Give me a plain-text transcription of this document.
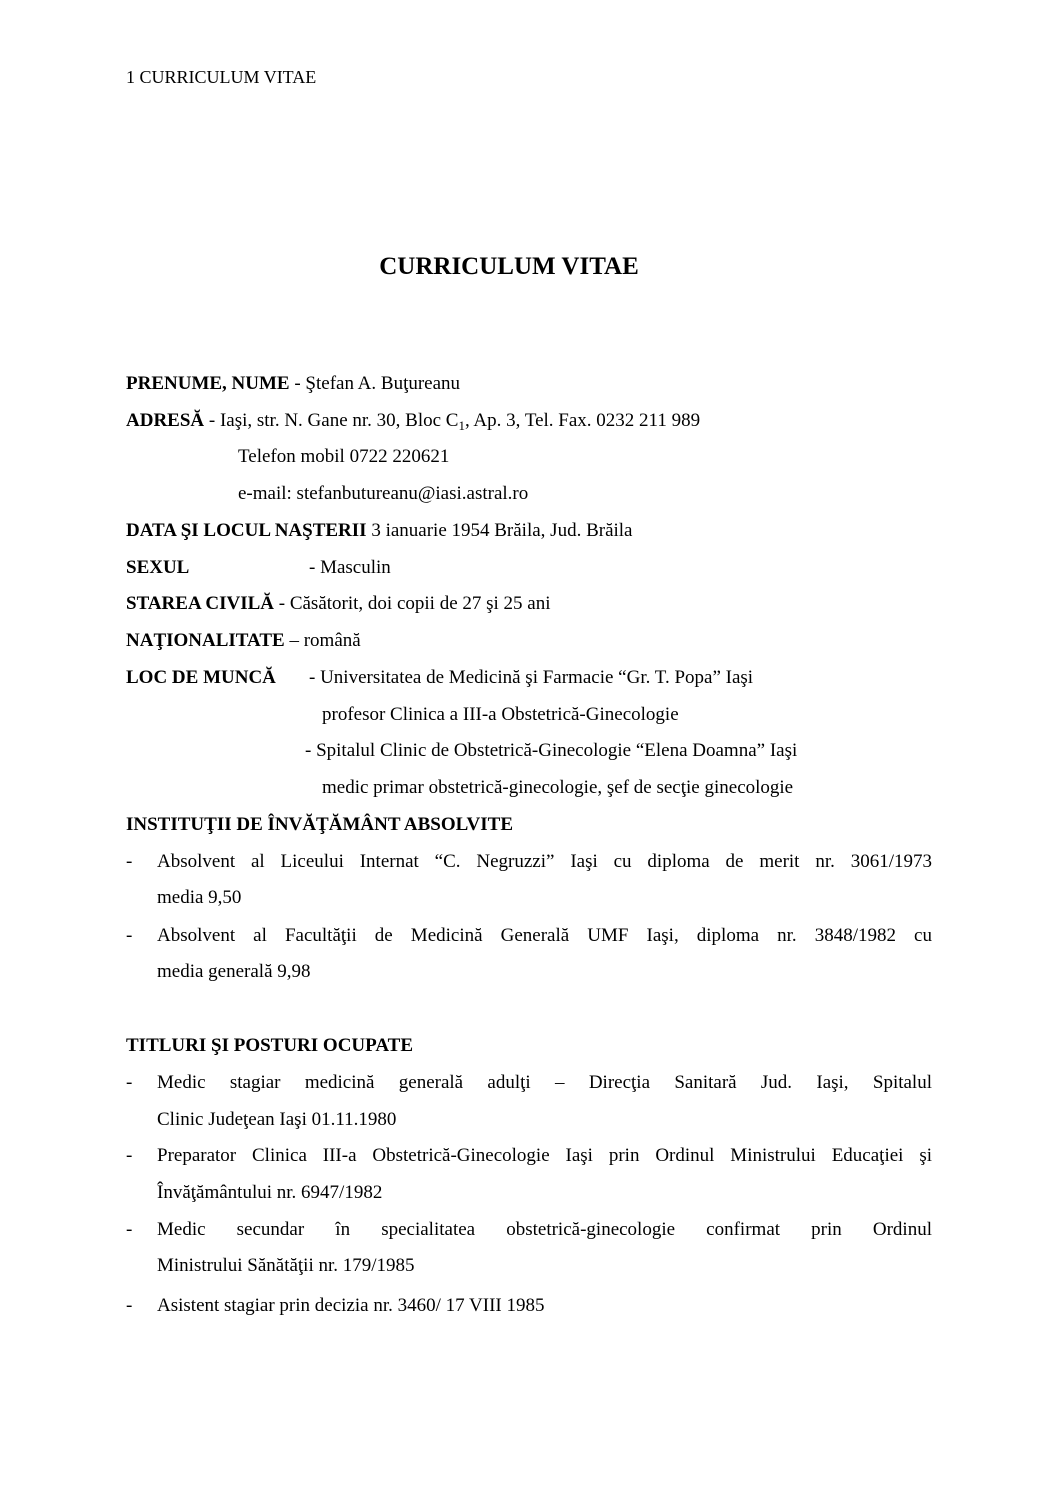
1 CURRICULUM VITAE
CURRICULUM VITAE
PRENUME, NUME - Ştefan A. Buţureanu
ADRESĂ - Iaşi, str. N. Gane nr. 30, Bloc $C_1$, Ap. 3, Tel. Fax. 0232 211 989
Telefon mobil 0722 220621
e-mail: stefanbutureanu@iasi.astral.ro
DATA ŞI LOCUL NAŞTERII 3 ianuarie 1954 Brăila, Jud. Brăila
SEXUL	- Masculin
STAREA CIVILĂ - Căsătorit, doi copii de 27 şi 25 ani
NAŢIONALITATE – română
LOC DE MUNCĂ - Universitatea de Medicină şi Farmacie “Gr. T. Popa” Iaşi
profesor Clinica a III-a Obstetrică-Ginecologie
- Spitalul Clinic de Obstetrică-Ginecologie “Elena Doamna” Iaşi
medic primar obstetrică-ginecologie, şef de secţie ginecologie
INSTITUŢII DE ÎNVĂŢĂMÂNT ABSOLVITE
- Absolvent al Liceului Internat “C. Negruzzi” Iaşi cu diploma de merit nr. 3061/1973
media 9,50
- Absolvent al Facultăţii de Medicină Generală UMF Iaşi, diploma nr. 3848/1982 cu
media generală 9,98
TITLURI ŞI POSTURI OCUPATE
- Medic stagiar medicină generală adulţi – Direcţia Sanitară Jud. Iaşi, Spitalul
Clinic Judeţean Iaşi 01.11.1980
- Preparator Clinica III-a Obstetrică-Ginecologie Iaşi prin Ordinul Ministrului Educaţiei şi
Învăţământului nr. 6947/1982
- Medic secundar în specialitatea obstetrică-ginecologie confirmat prin Ordinul
Ministrului Sănătăţii nr. 179/1985
- Asistent stagiar prin decizia nr. 3460/ 17 VIII 1985
